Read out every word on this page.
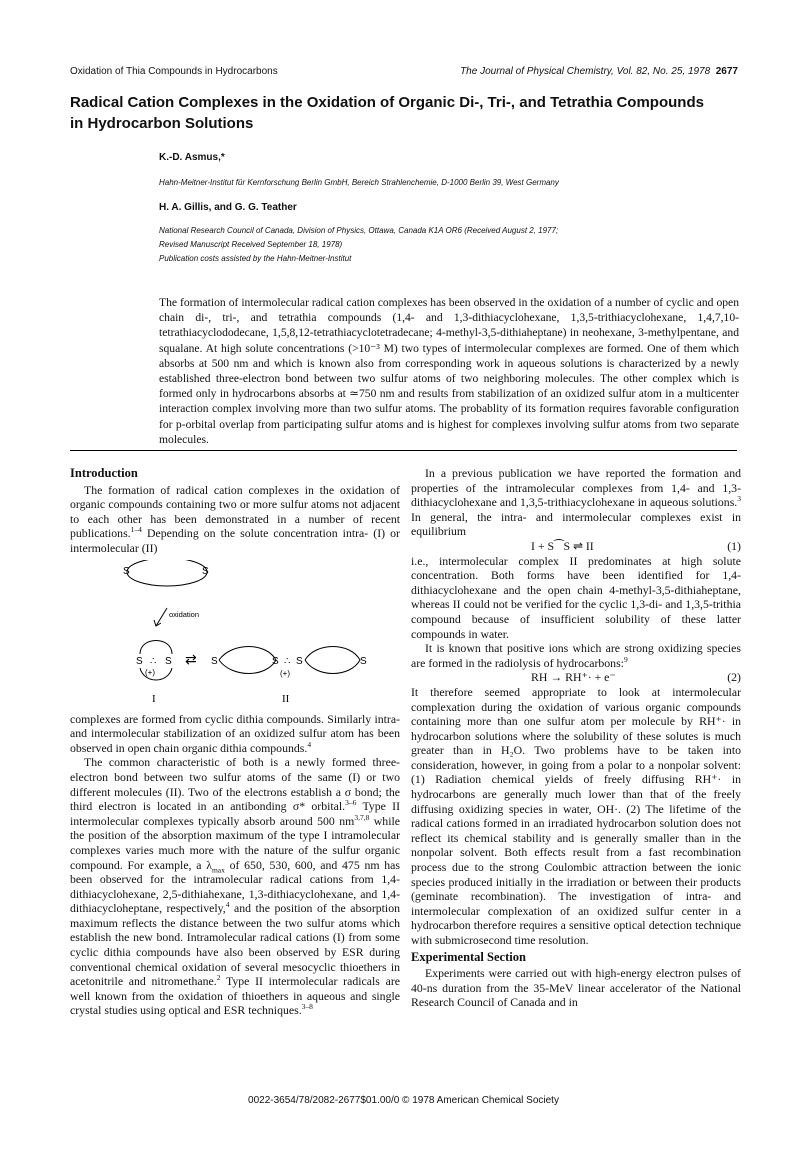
Oxidation of Thia Compounds in Hydrocarbons	The Journal of Physical Chemistry, Vol. 82, No. 25, 1978 2677
Radical Cation Complexes in the Oxidation of Organic Di-, Tri-, and Tetrathia Compounds in Hydrocarbon Solutions
K.-D. Asmus,*
Hahn-Meitner-Institut für Kernforschung Berlin GmbH, Bereich Strahlenchemie, D-1000 Berlin 39, West Germany
H. A. Gillis, and G. G. Teather
National Research Council of Canada, Division of Physics, Ottawa, Canada K1A OR6 (Received August 2, 1977;
Revised Manuscript Received September 18, 1978)
Publication costs assisted by the Hahn-Meitner-Institut
The formation of intermolecular radical cation complexes has been observed in the oxidation of a number of cyclic and open chain di-, tri-, and tetrathia compounds (1,4- and 1,3-dithiacyclohexane, 1,3,5-trithiacyclohexane, 1,4,7,10-tetrathiacyclododecane, 1,5,8,12-tetrathiacyclotetradecane; 4-methyl-3,5-dithiaheptane) in neohexane, 3-methylpentane, and squalane. At high solute concentrations (>10⁻³ M) two types of intermolecular complexes are formed. One of them which absorbs at 500 nm and which is known also from corresponding work in aqueous solutions is characterized by a newly established three-electron bond between two sulfur atoms of two neighboring molecules. The other complex which is formed only in hydrocarbons absorbs at ≃750 nm and results from stabilization of an oxidized sulfur atom in a multicenter interaction complex involving more than two sulfur atoms. The probablity of its formation requires favorable configuration for p-orbital overlap from participating sulfur atoms and is highest for complexes involving sulfur atoms from two separate molecules.
Introduction

The formation of radical cation complexes in the oxidation of organic compounds containing two or more sulfur atoms not adjacent to each other has been demonstrated in a number of recent publications.$^{1-4}$ Depending on the solute concentration intra- (I) or intermolecular (II)

S	S
oxidation
S ∴ S
(+)
⇄ S	S ∴ S	S
(+)
I	II

complexes are formed from cyclic dithia compounds. Similarly intra- and intermolecular stabilization of an oxidized sulfur atom has been observed in open chain organic dithia compounds.$^4$

The common characteristic of both is a newly formed three-electron bond between two sulfur atoms of the same (I) or two different molecules (II). Two of the electrons establish a σ bond; the third electron is located in an antibonding σ* orbital.$^{3-6}$ Type II intermolecular complexes typically absorb around 500 nm$^{3,7,8}$ while the position of the absorption maximum of the type I intramolecular complexes varies much more with the nature of the sulfur organic compound. For example, a $\lambda_{max}$ of 650, 530, 600, and 475 nm has been observed for the intramolecular radical cations from 1,4-dithiacyclohexane, 2,5-dithiahexane, 1,3-dithiacyclohexane, and 1,4-dithiacycloheptane, respectively,$^4$ and the position of the absorption maximum reflects the distance between the two sulfur atoms which establish the new bond. Intramolecular radical cations (I) from some cyclic dithia compounds have also been observed by ESR during conventional chemical oxidation of several mesocyclic thioethers in acetonitrile and nitromethane.$^2$ Type II intermolecular radicals are well known from the oxidation of thioethers in aqueous and single crystal studies using optical and ESR techniques.$^{3-8}$

In a previous publication we have reported the formation and properties of the intramolecular complexes from 1,4- and 1,3-dithiacyclohexane and 1,3,5-trithiacyclohexane in aqueous solutions.$^3$ In general, the intra- and intermolecular complexes exist in equilibrium

I + S⁀S ⇌ II	(1)

i.e., intermolecular complex II predominates at high solute concentration. Both forms have been identified for 1,4-dithiacyclohexane and the open chain 4-methyl-3,5-dithiaheptane, whereas II could not be verified for the cyclic 1,3-di- and 1,3,5-trithia compound because of insufficient solubility of these latter compounds in water.

It is known that positive ions which are strong oxidizing species are formed in the radiolysis of hydrocarbons:$^9$

RH → RH⁺· + e⁻	(2)

It therefore seemed appropriate to look at intermolecular complexation during the oxidation of various organic compounds containing more than one sulfur atom per molecule by RH⁺· in hydrocarbon solutions where the solubility of these solutes is much greater than in H₂O. Two problems have to be taken into consideration, however, in going from a polar to a nonpolar solvent: (1) Radiation chemical yields of freely diffusing RH⁺· in hydrocarbons are generally much lower than that of the freely diffusing oxidizing species in water, OH·. (2) The lifetime of the radical cations formed in an irradiated hydrocarbon solution does not reflect its chemical stability and is generally smaller than in the nonpolar solvent. Both effects result from a fast recombination process due to the strong Coulombic attraction between the ionic species produced initially in the irradiation or between their products (geminate recombination). The investigation of intra- and intermolecular complexation of an oxidized sulfur center in a hydrocarbon therefore requires a sensitive optical detection technique with submicrosecond time resolution.

Experimental Section

Experiments were carried out with high-energy electron pulses of 40-ns duration from the 35-MeV linear accelerator of the National Research Council of Canada and in

0022-3654/78/2082-2677$01.00/0 © 1978 American Chemical Society
